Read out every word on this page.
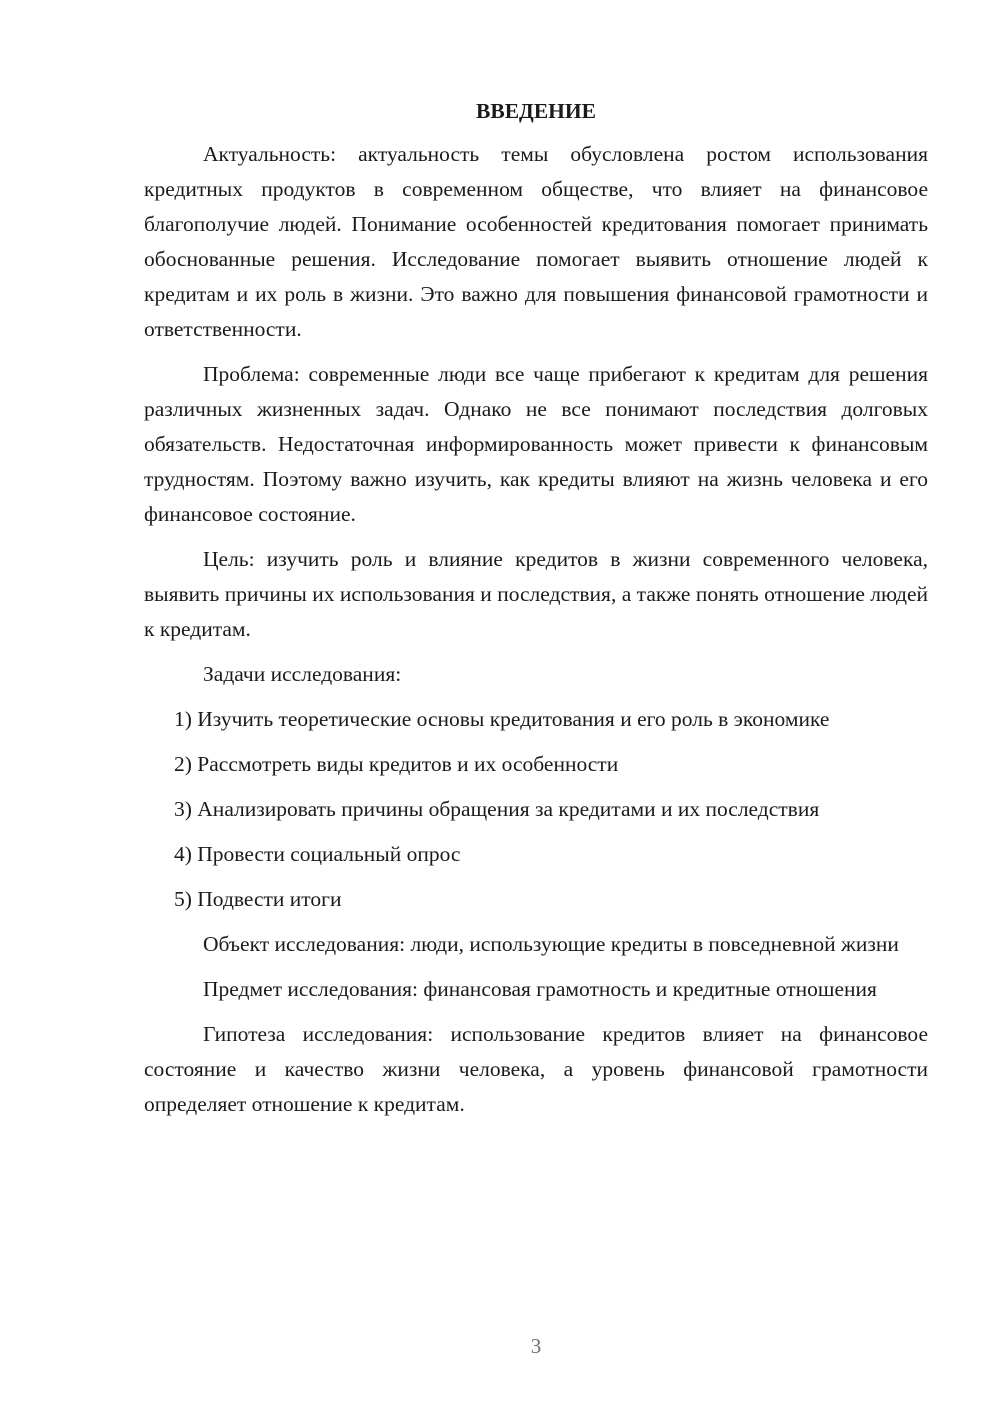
ВВЕДЕНИЕ

Актуальность: актуальность темы обусловлена ростом использования кредитных продуктов в современном обществе, что влияет на финансовое благополучие людей. Понимание особенностей кредитования помогает принимать обоснованные решения. Исследование помогает выявить отношение людей к кредитам и их роль в жизни. Это важно для повышения финансовой грамотности и ответственности.

Проблема: современные люди все чаще прибегают к кредитам для решения различных жизненных задач. Однако не все понимают последствия долговых обязательств. Недостаточная информированность может привести к финансовым трудностям. Поэтому важно изучить, как кредиты влияют на жизнь человека и его финансовое состояние.

Цель: изучить роль и влияние кредитов в жизни современного человека, выявить причины их использования и последствия, а также понять отношение людей к кредитам.

Задачи исследования:

1) Изучить теоретические основы кредитования и его роль в экономике

2) Рассмотреть виды кредитов и их особенности

3) Анализировать причины обращения за кредитами и их последствия

4) Провести социальный опрос

5) Подвести итоги

Объект исследования: люди, использующие кредиты в повседневной жизни

Предмет исследования: финансовая грамотность и кредитные отношения

Гипотеза исследования: использование кредитов влияет на финансовое состояние и качество жизни человека, а уровень финансовой грамотности определяет отношение к кредитам.

3
